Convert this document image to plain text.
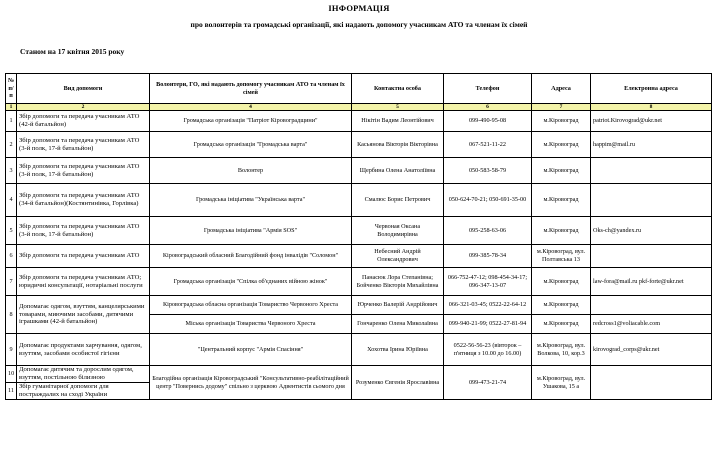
ІНФОРМАЦІЯ
про волонтерів та громадські організації, які надають допомогу учасникам АТО та членам їх сімей
Станом на 17 квітня 2015 року
№ п/п	Вид допомоги	Волонтери, ГО, які надають допомогу учасникам АТО та членам їх сімей	Контактна особа	Телефон	Адреса	Електронна адреса
1	2	4	5	6	7	8
1	Збір допомоги та передача учасникам АТО (42-й батальйон)	Громадська організація "Патріот Кіровоградщини"	Нікітін Вадим Леонтійович	099-490-95-08	м.Кіровоград	patriot.Kirovograd@ukr.net
2	Збір допомоги та передача учасникам АТО (3-й полк, 17-й батальйон)	Громадська організація "Громадська варта"	Касьянова Вікторія Вікторівна	067-521-11-22	м.Кіровоград	happim@mail.ru
3	Збір допомоги та передача учасникам АТО (3-й полк, 17-й батальйон)	Волонтер	Щербина Олена Анатоліївна	050-583-58-79	м.Кіровоград	
4	Збір допомоги та передача учасникам АТО (34-й батальйон)(Костянтинівка, Горлівка)	Громадська ініціатива "Українська варта"	Смалюс Борис Петрович	050-624-70-21; 050-691-35-00	м.Кіровоград	
5	Збір допомоги та передача учасникам АТО (3-й полк, 17-й батальйон)	Громадська ініціатива "Армія SOS"	Червоная Оксана Володимирівна	095-258-63-06	м.Кіровоград	Oks-ch@yandex.ru
6	Збір допомоги та передача учасникам АТО	Кіровоградський обласний Благодійний фонд інвалідів "Соломон"	Небесний Андрій Олександрович	099-385-78-34	м.Кіровоград, вул. Полтавська 13	
7	Збір допомоги та передача учасникам АТО; юридичні консультації, нотаріальні послуги	Громадська організація "Спілка об'єднаних війною жінок"	Панасюк Лора Степанівна; Бойченко Вікторія Михайлівна	066-752-47-12; 098-454-34-17; 096-347-13-07	м.Кіровоград	law-fora@mail.ru pkf-forte@ukr.net
8	Допомагає одягом, взуттям, канцелярськими товарами, миючими засобами, дитячими іграшками (42-й батальйон)	Кіровоградська обласна організація Товариство Червоного Хреста	Юрченко Валерій Андрійович	066-321-03-45; 0522-22-64-12	м.Кіровоград	
		Міська організація Товариства Червоного Хреста	Гончаренко Олена Миколаївна	099-940-21-99; 0522-27-81-94	м.Кіровоград	redcross1@voliacable.com
9	Допомагає продуктами харчування, одягом, взуттям, засобами особистої гігієни	"Центральний корпус "Армія Спасіння"	Хохотва Ірина Юріївна	0522-56-56-23 (вівторок – п'ятниця з 10.00 до 16.00)	м.Кіровоград, вул. Волкова, 10, кор.3	kirovograd_corps@ukr.net
10	Допомагає дитячим та дорослим одягом, взуттям, постільною білизною	Благодійна організація Кіровоградський "Консультативно-реабілітаційний центр "Повернись додому" спільно з церквою Адвентистів сьомого дня	Розуменко Євгенія Ярославівна	099-473-21-74	м.Кіровоград, вул. Ушакова, 15 а	
11	Збір гуманітарної допомоги для постраждалих на сході України					
